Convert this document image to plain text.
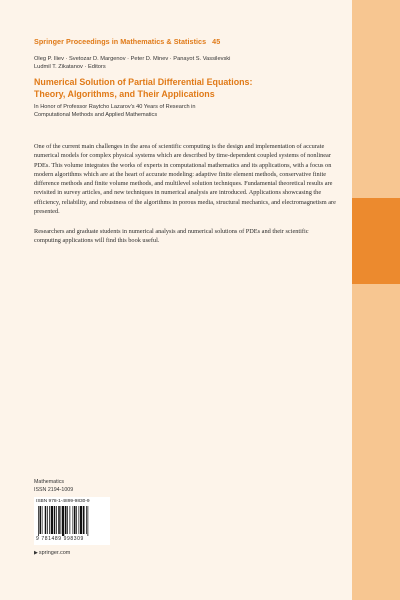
Springer Proceedings in Mathematics & Statistics 45
Oleg P. Iliev · Svetozar D. Margenov · Peter D. Minev · Panayot S. Vassilevski
Ludmil T. Zikatanov · Editors
Numerical Solution of Partial Differential Equations:
Theory, Algorithms, and Their Applications
In Honor of Professor Raytcho Lazarov's 40 Years of Research in
Computational Methods and Applied Mathematics

One of the current main challenges in the area of scientific computing is the design and implementation of accurate numerical models for complex physical systems which are described by time-dependent coupled systems of nonlinear PDEs. This volume integrates the works of experts in computational mathematics and its applications, with a focus on modern algorithms which are at the heart of accurate modeling: adaptive finite element methods, conservative finite difference methods and finite volume methods, and multilevel solution techniques. Fundamental theoretical results are revisited in survey articles, and new techniques in numerical analysis are introduced. Applications showcasing the efficiency, reliability, and robustness of the algorithms in porous media, structural mechanics, and electromagnetism are presented.

Researchers and graduate students in numerical analysis and numerical solutions of PDEs and their scientific computing applications will find this book useful.

Mathematics
ISSN 2194-1009
ISBN 978-1-4899-9830-9
9 781489 998309
▶springer.com
